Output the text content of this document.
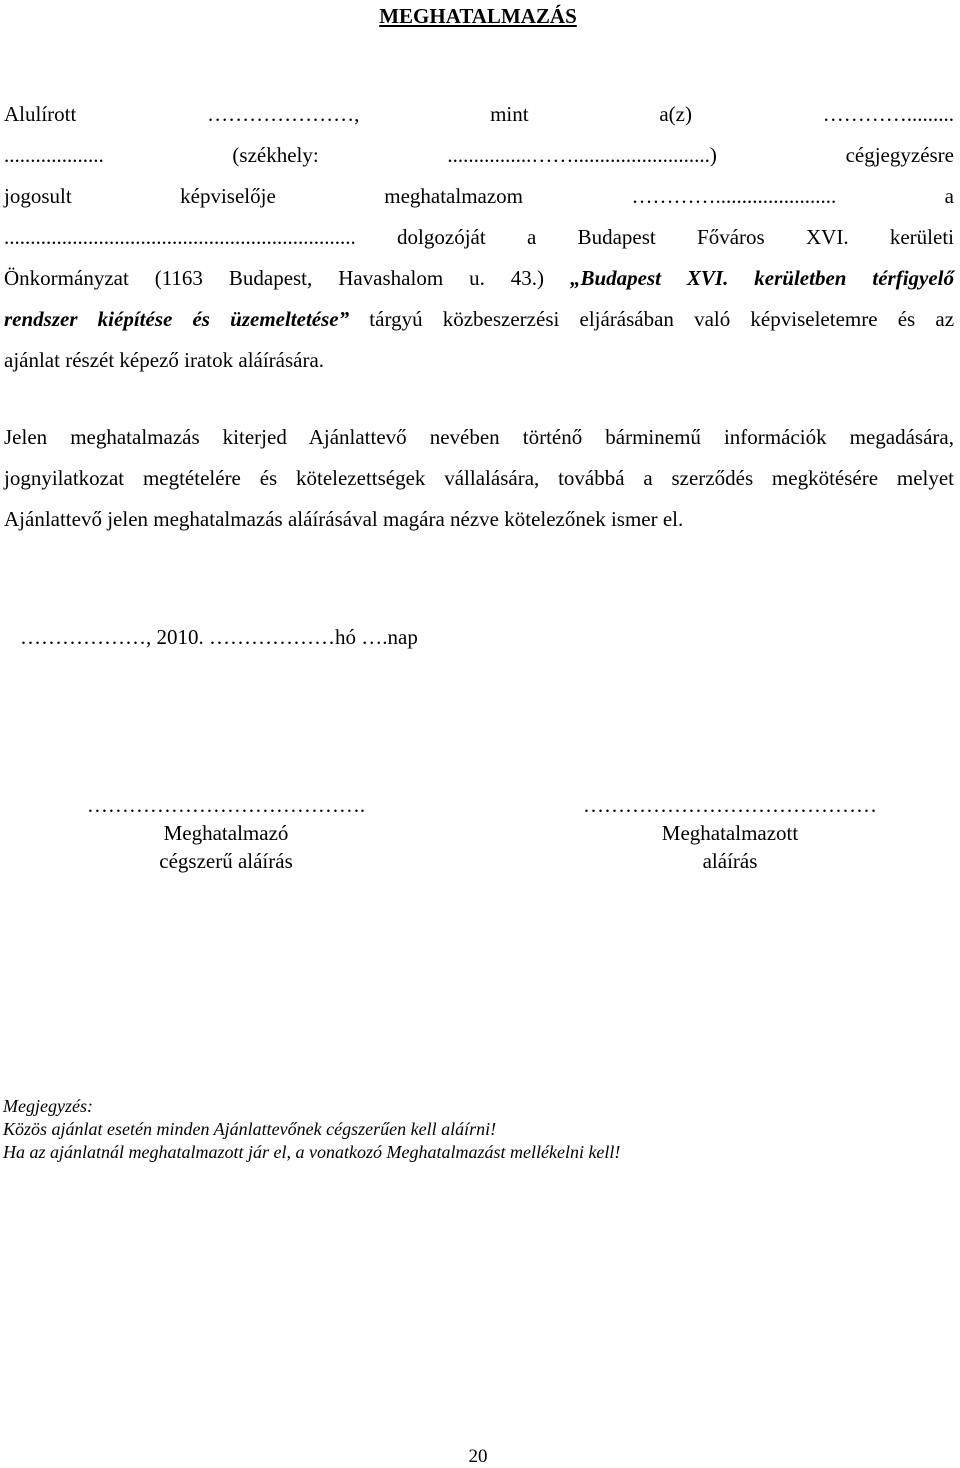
MEGHATALMAZÁS
Alulírott …………………, mint a(z) ………….........
................... (székhely: ................……..........................) cégjegyzésre
jogosult képviselője meghatalmazom …………....................... a
................................................................... dolgozóját a Budapest Főváros XVI. kerületi
Önkormányzat (1163 Budapest, Havashalom u. 43.) „Budapest XVI. kerületben térfigyelő
rendszer kiépítése és üzemeltetése” tárgyú közbeszerzési eljárásában való képviseletemre és az
ajánlat részét képező iratok aláírására.
Jelen meghatalmazás kiterjed Ajánlattevő nevében történő bárminemű információk megadására,
jognyilatkozat megtételére és kötelezettségek vállalására, továbbá a szerződés megkötésére melyet
Ajánlattevő jelen meghatalmazás aláírásával magára nézve kötelezőnek ismer el.

………………, 2010. ………………hó ….nap

………………………………….
Meghatalmazó
cégszerű aláírás
……………………………………
Meghatalmazott
aláírás
Megjegyzés:
Közös ajánlat esetén minden Ajánlattevőnek cégszerűen kell aláírni!
Ha az ajánlatnál meghatalmazott jár el, a vonatkozó Meghatalmazást mellékelni kell!
20
